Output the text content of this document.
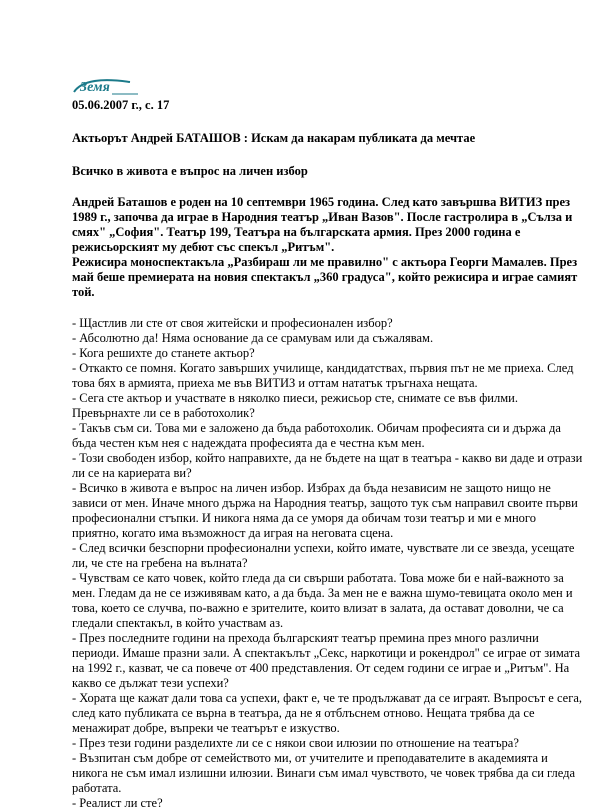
Земя
05.06.2007 г., с. 17
Актьорът Андрей БАТАШОВ : Искам да накарам публиката да мечтае
Всичко в живота е въпрос на личен избор

Андрей Баташов е роден на 10 септември 1965 година. След като завършва ВИТИЗ през 1989 г., започва да играе в Народния театър „Иван Вазов". После гастролира в „Сълза и смях" „София". Театър 199, Театъра на българската армия. През 2000 година е режисьорският му дебют със спекъл „Ритъм".

Режисира моноспектакъла „Разбираш ли ме правилно" с актьора Георги Мамалев. През май беше премиерата на новия спектакъл „360 градуса", който режисира и играе самият той.

- Щастлив ли сте от своя житейски и професионален избор?

- Абсолютно да! Няма основание да се срамувам или да съжалявам.

- Кога решихте до станете актьор?

- Откакто се помня. Когато завърших училище, кандидатствах, първия път не ме приеха. След това бях в армията, приеха ме във ВИТИЗ и оттам нататък тръгнаха нещата.

- Сега сте актьор и участвате в няколко пиеси, режисьор сте, снимате се във филми. Превърнахте ли се в работохолик?

- Такъв съм си. Това ми е заложено да бъда работохолик. Обичам професията си и държа да бъда честен към нея с надеждата професията да е честна към мен.

- Този свободен избор, който направихте, да не бъдете на щат в театъра - какво ви даде и отрази ли се на кариерата ви?

- Всичко в живота е въпрос на личен избор. Избрах да бъда независим не защото нищо не зависи от мен. Иначе много държа на Народния театър, защото тук съм направил своите първи професионални стъпки. И никога няма да се уморя да обичам този театър и ми е много приятно, когато има възможност да играя на неговата сцена.

- След всички безспорни професионални успехи, който имате, чувствате ли се звезда, усещате ли, че сте на гребена на вълната?

- Чувствам се като човек, който гледа да си свърши работата. Това може би е най-важното за мен. Гледам да не се изживявам като, а да бъда. За мен не е важна шумо-тевицата около мен и това, което се случва, по-важно е зрителите, които влизат в залата, да остават доволни, че са гледали спектакъл, в който участвам аз.

- През последните години на прехода българският театър премина през много различни периоди. Имаше празни зали. А спектакълът „Секс, наркотици и рокендрол" се играе от зимата на 1992 г., казват, че са повече от 400 представления. От седем години се играе и „Ритъм". На какво се дължат тези успехи?

- Хората ще кажат дали това са успехи, факт е, че те продължават да се играят. Въпросът е сега, след като публиката се върна в театъра, да не я отблъснем отново. Нещата трябва да се менажират добре, въпреки че театърът е изкуство.

- През тези години разделихте ли се с някои свои илюзии по отношение на театъра?

- Възпитан съм добре от семейството ми, от учителите и преподавателите в академията и никога не съм имал излишни илюзии. Винаги съм имал чувството, че човек трябва да си гледа работата.

- Реалист ли сте?
